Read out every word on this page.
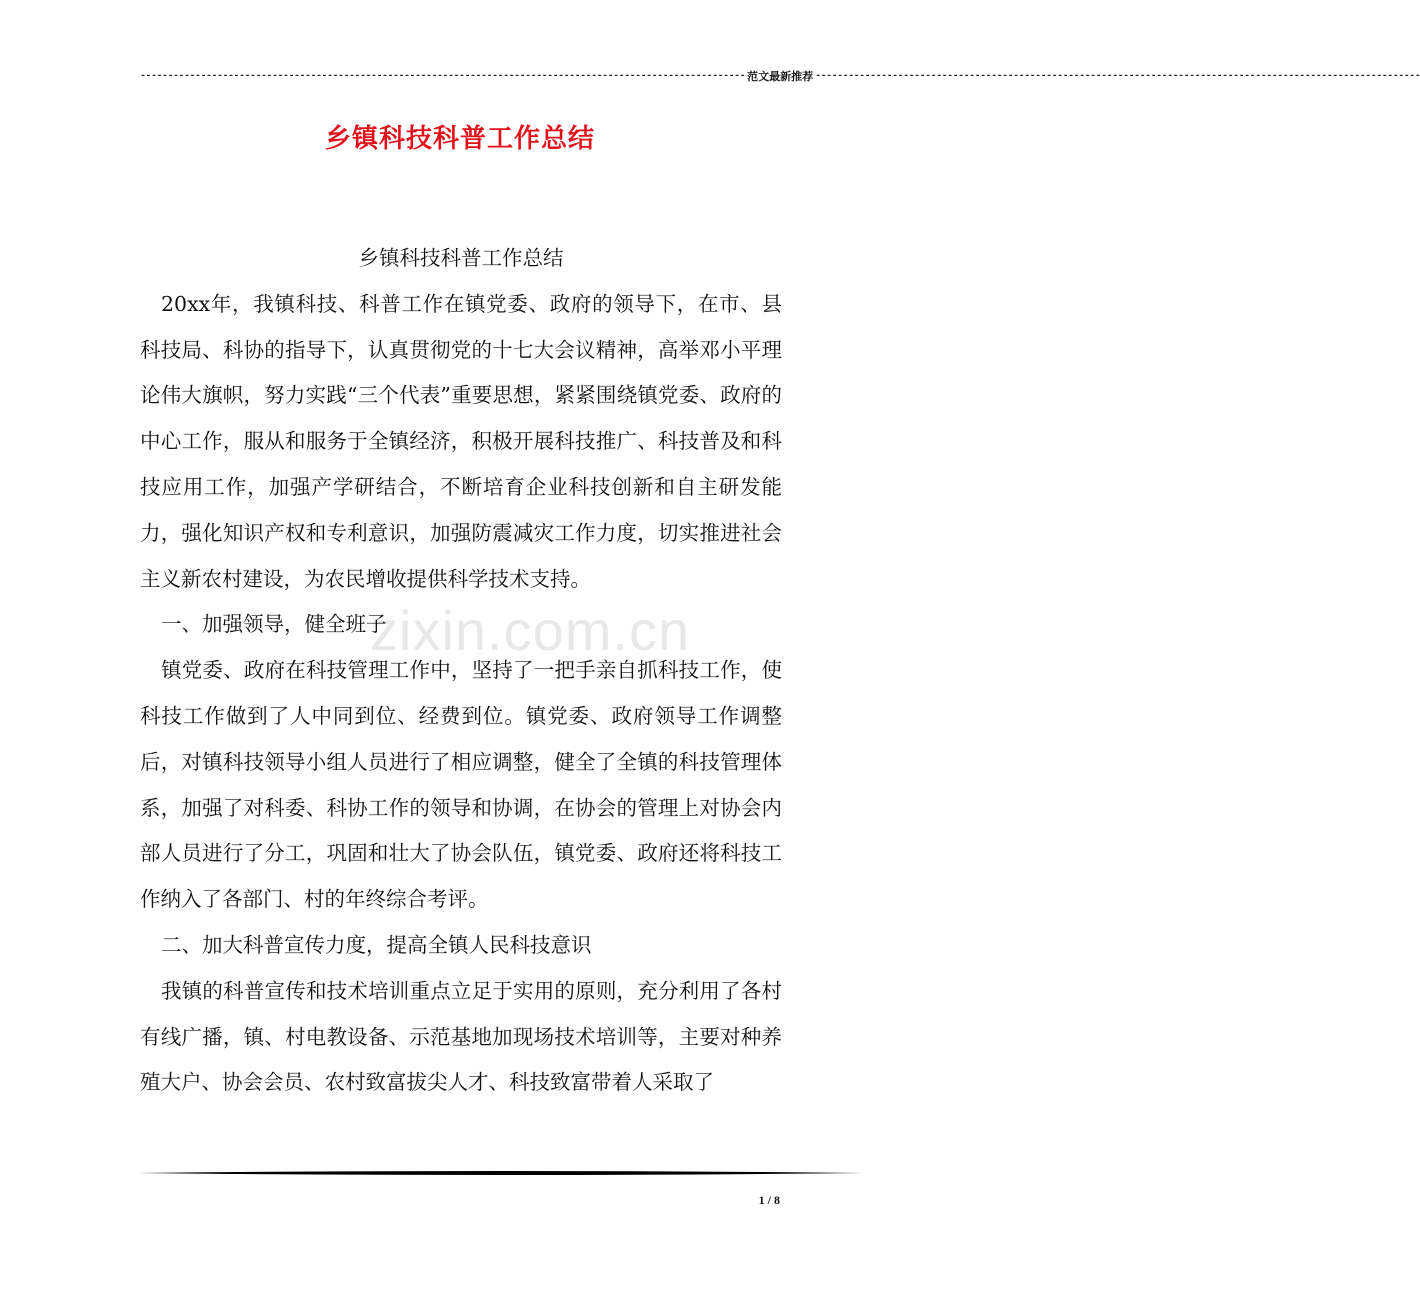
-------------------------------------------------------------------------------------------------------------- 范文最新推荐 --------------------------------------------------------------------------------------------------------------
乡镇科技科普工作总结
zixin.com.cn

乡镇科技科普工作总结

20xx年，我镇科技、科普工作在镇党委、政府的领导下，在市、县科技局、科协的指导下，认真贯彻党的十七大会议精神，高举邓小平理论伟大旗帜，努力实践“三个代表”重要思想，紧紧围绕镇党委、政府的中心工作，服从和服务于全镇经济，积极开展科技推广、科技普及和科技应用工作，加强产学研结合，不断培育企业科技创新和自主研发能力，强化知识产权和专利意识，加强防震减灾工作力度，切实推进社会主义新农村建设，为农民增收提供科学技术支持。

一、加强领导，健全班子

镇党委、政府在科技管理工作中，坚持了一把手亲自抓科技工作，使科技工作做到了人中同到位、经费到位。镇党委、政府领导工作调整后，对镇科技领导小组人员进行了相应调整，健全了全镇的科技管理体系，加强了对科委、科协工作的领导和协调，在协会的管理上对协会内部人员进行了分工，巩固和壮大了协会队伍，镇党委、政府还将科技工作纳入了各部门、村的年终综合考评。

二、加大科普宣传力度，提高全镇人民科技意识

我镇的科普宣传和技术培训重点立足于实用的原则，充分利用了各村有线广播，镇、村电教设备、示范基地加现场技术培训等，主要对种养殖大户、协会会员、农村致富拔尖人才、科技致富带着人采取了

1 / 8
